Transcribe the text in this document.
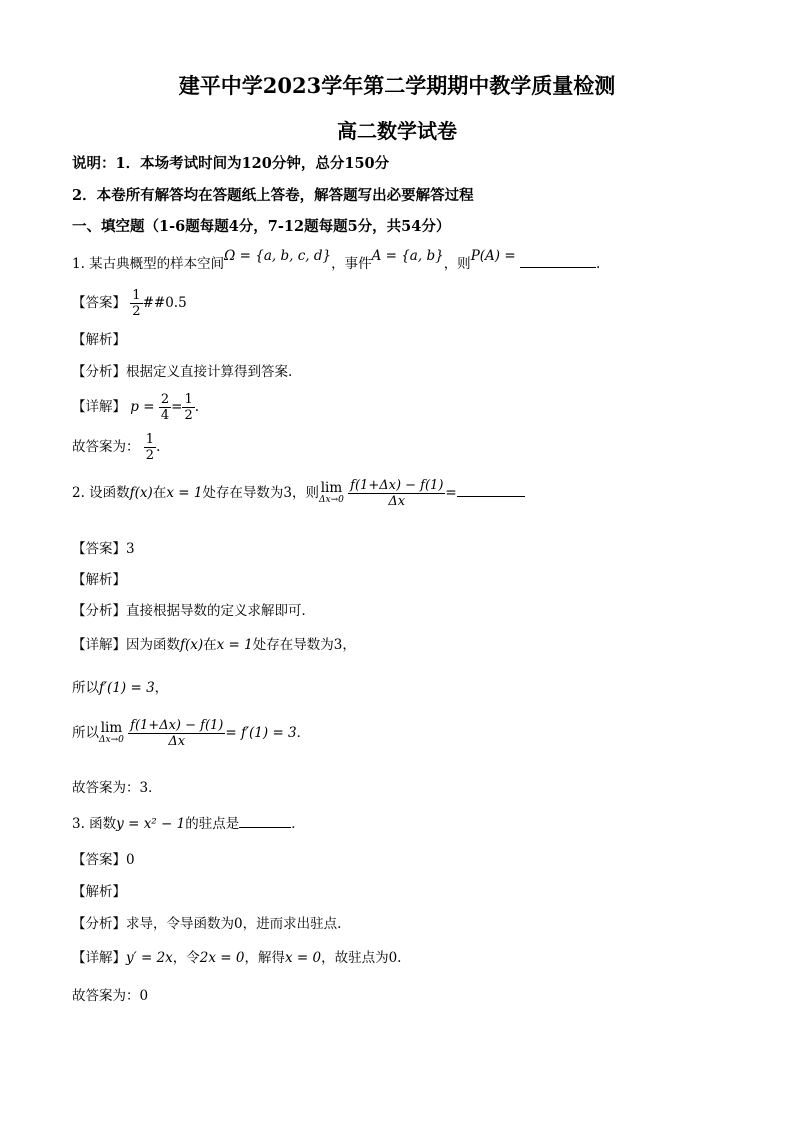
建平中学2023学年第二学期期中教学质量检测
高二数学试卷
说明：1．本场考试时间为120分钟，总分150分
2．本卷所有解答均在答题纸上答卷，解答题写出必要解答过程
一、填空题（1-6题每题4分，7-12题每题5分，共54分）
1. 某古典概型的样本空间Ω = {a, b, c, d}，事件A = {a, b}，则P(A) =	.
【答案】 $\frac{1}{2}$ ##0.5
【解析】
【分析】根据定义直接计算得到答案.
【详解】 $p = \frac{2}{4} = \frac{1}{2}$ .
故答案为： $\frac{1}{2}$ .
2. 设函数f(x)在x = 1处存在导数为3，则 lim
Δx→0
$\frac{f(1+\Delta x) - f(1)}{\Delta x}$ =
【答案】3
【解析】
【分析】直接根据导数的定义求解即可．
【详解】因为函数f(x)在x = 1处存在导数为3，
所以f′(1) = 3，
所以 lim
Δx→0
$\frac{f(1+\Delta x) - f(1)}{\Delta x} = f'(1) = 3$．
故答案为：3．
3. 函数y = x² − 1的驻点是	．
【答案】0
【解析】
【分析】求导，令导函数为0，进而求出驻点.
【详解】y′ = 2x，令2x = 0，解得x = 0，故驻点为0.
故答案为：0
